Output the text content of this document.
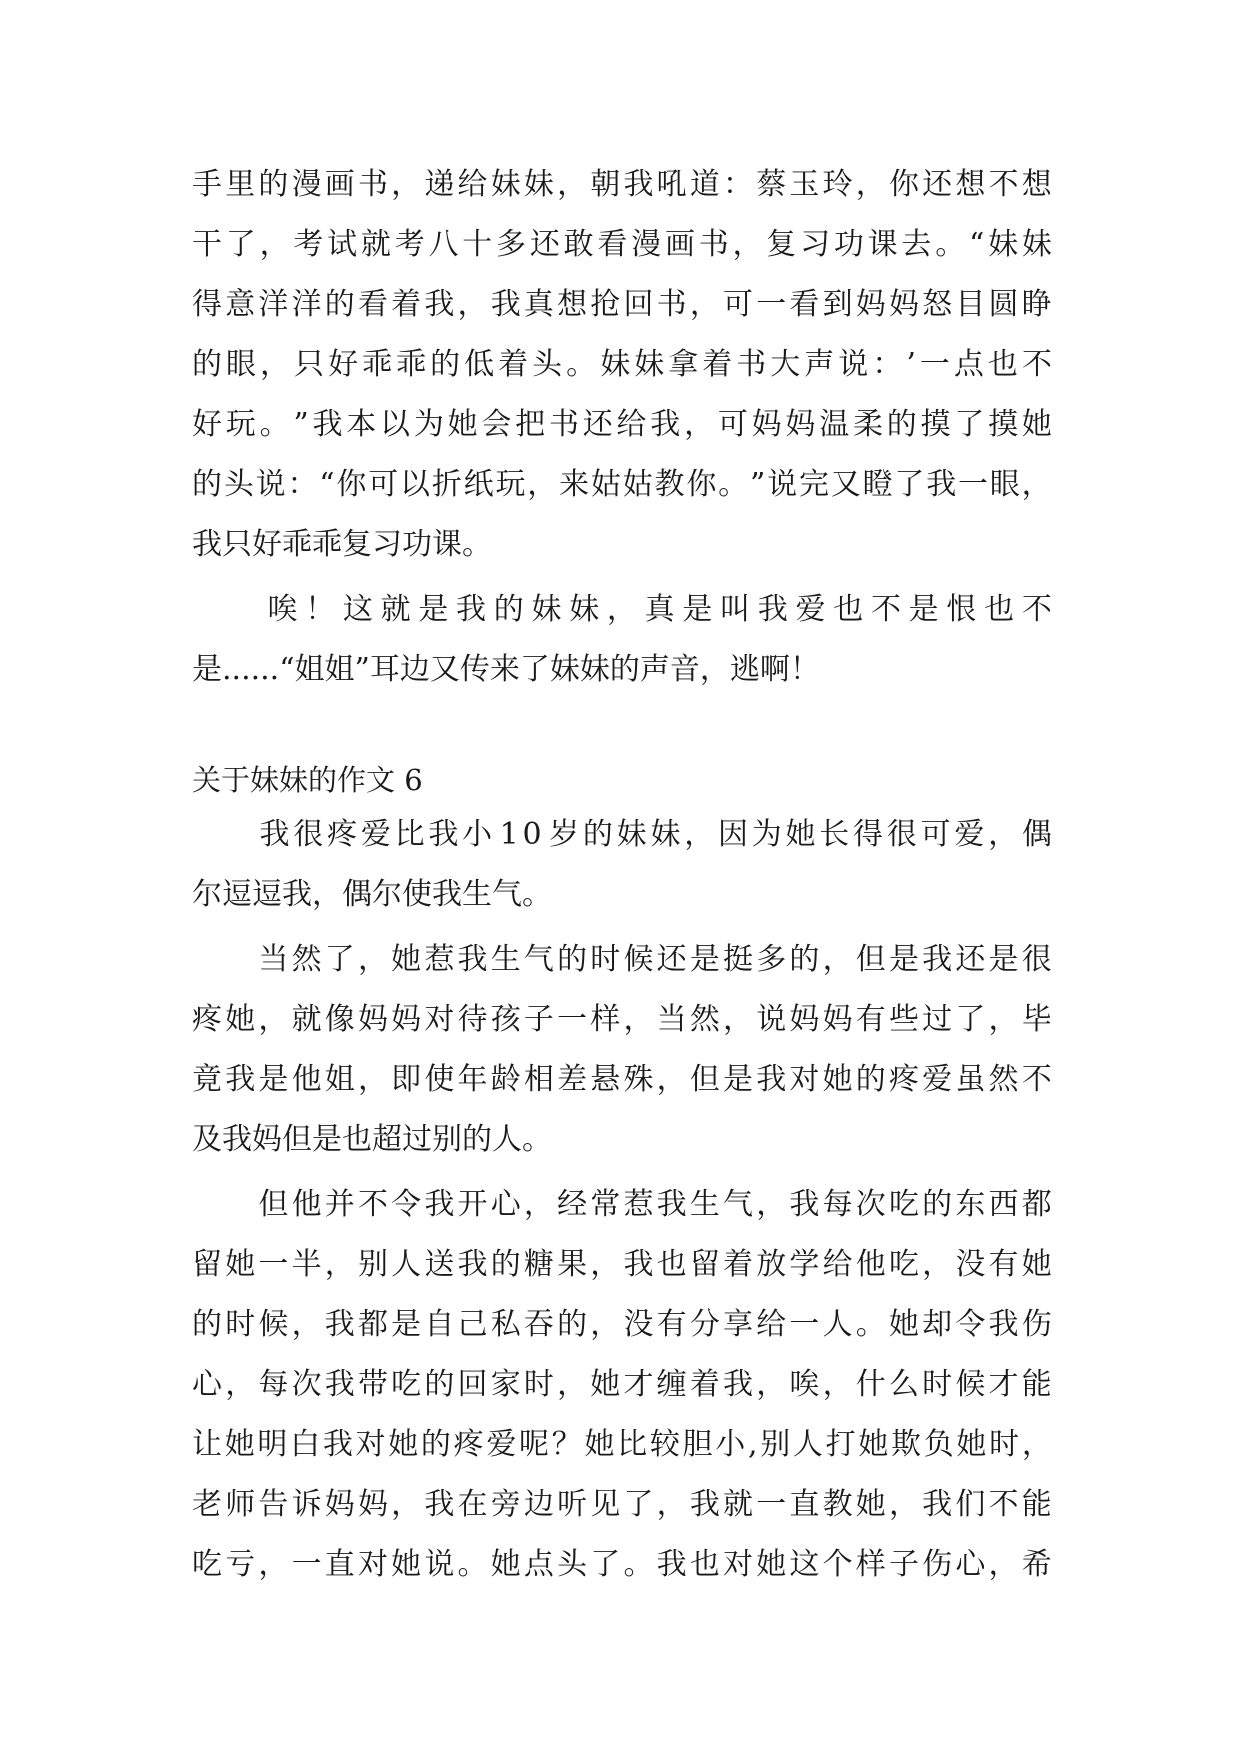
手 里 的 漫 画 书 ， 递 给 妹 妹 ， 朝 我 吼 道 ： 蔡 玉 玲 ， 你 还 想 不 想
干 了 ， 考 试 就 考 八 十 多 还 敢 看 漫 画 书 ， 复 习 功 课 去 。 “ 妹 妹
得 意 洋 洋 的 看 着 我 ， 我 真 想 抢 回 书 ， 可 一 看 到 妈 妈 怒 目 圆 睁
的 眼 ， 只 好 乖 乖 的 低 着 头 。 妹 妹 拿 着 书 大 声 说 ： ’ 一 点 也 不
好 玩 。 ” 我 本 以 为 她 会 把 书 还 给 我 ， 可 妈 妈 温 柔 的 摸 了 摸 她
的 头 说 ： “ 你 可 以 折 纸 玩 ， 来 姑 姑 教 你 。 ” 说 完 又 瞪 了 我 一 眼 ，
我只好乖乖复习功课。

唉 ！ 这 就 是 我 的 妹 妹 ， 真 是 叫 我 爱 也 不 是 恨 也 不
是......“姐姐”耳边又传来了妹妹的声音，逃啊！
关于妹妹的作文 6

我 很 疼 爱 比 我 小 1 0 岁 的 妹 妹 ， 因 为 她 长 得 很 可 爱 ， 偶
尔逗逗我，偶尔使我生气。

当 然 了 ， 她 惹 我 生 气 的 时 候 还 是 挺 多 的 ， 但 是 我 还 是 很
疼 她 ， 就 像 妈 妈 对 待 孩 子 一 样 ， 当 然 ， 说 妈 妈 有 些 过 了 ， 毕
竟 我 是 他 姐 ， 即 使 年 龄 相 差 悬 殊 ， 但 是 我 对 她 的 疼 爱 虽 然 不
及我妈但是也超过别的人。

但 他 并 不 令 我 开 心 ， 经 常 惹 我 生 气 ， 我 每 次 吃 的 东 西 都
留 她 一 半 ， 别 人 送 我 的 糖 果 ， 我 也 留 着 放 学 给 他 吃 ， 没 有 她
的 时 候 ， 我 都 是 自 己 私 吞 的 ， 没 有 分 享 给 一 人 。 她 却 令 我 伤
心 ， 每 次 我 带 吃 的 回 家 时 ， 她 才 缠 着 我 ， 唉 ， 什 么 时 候 才 能
让 她 明 白 我 对 她 的 疼 爱 呢 ？ 她 比 较 胆 小 , 别 人 打 她 欺 负 她 时 ，
老 师 告 诉 妈 妈 ， 我 在 旁 边 听 见 了 ， 我 就 一 直 教 她 ， 我 们 不 能
吃 亏 ， 一 直 对 她 说 。 她 点 头 了 。 我 也 对 她 这 个 样 子 伤 心 ， 希
